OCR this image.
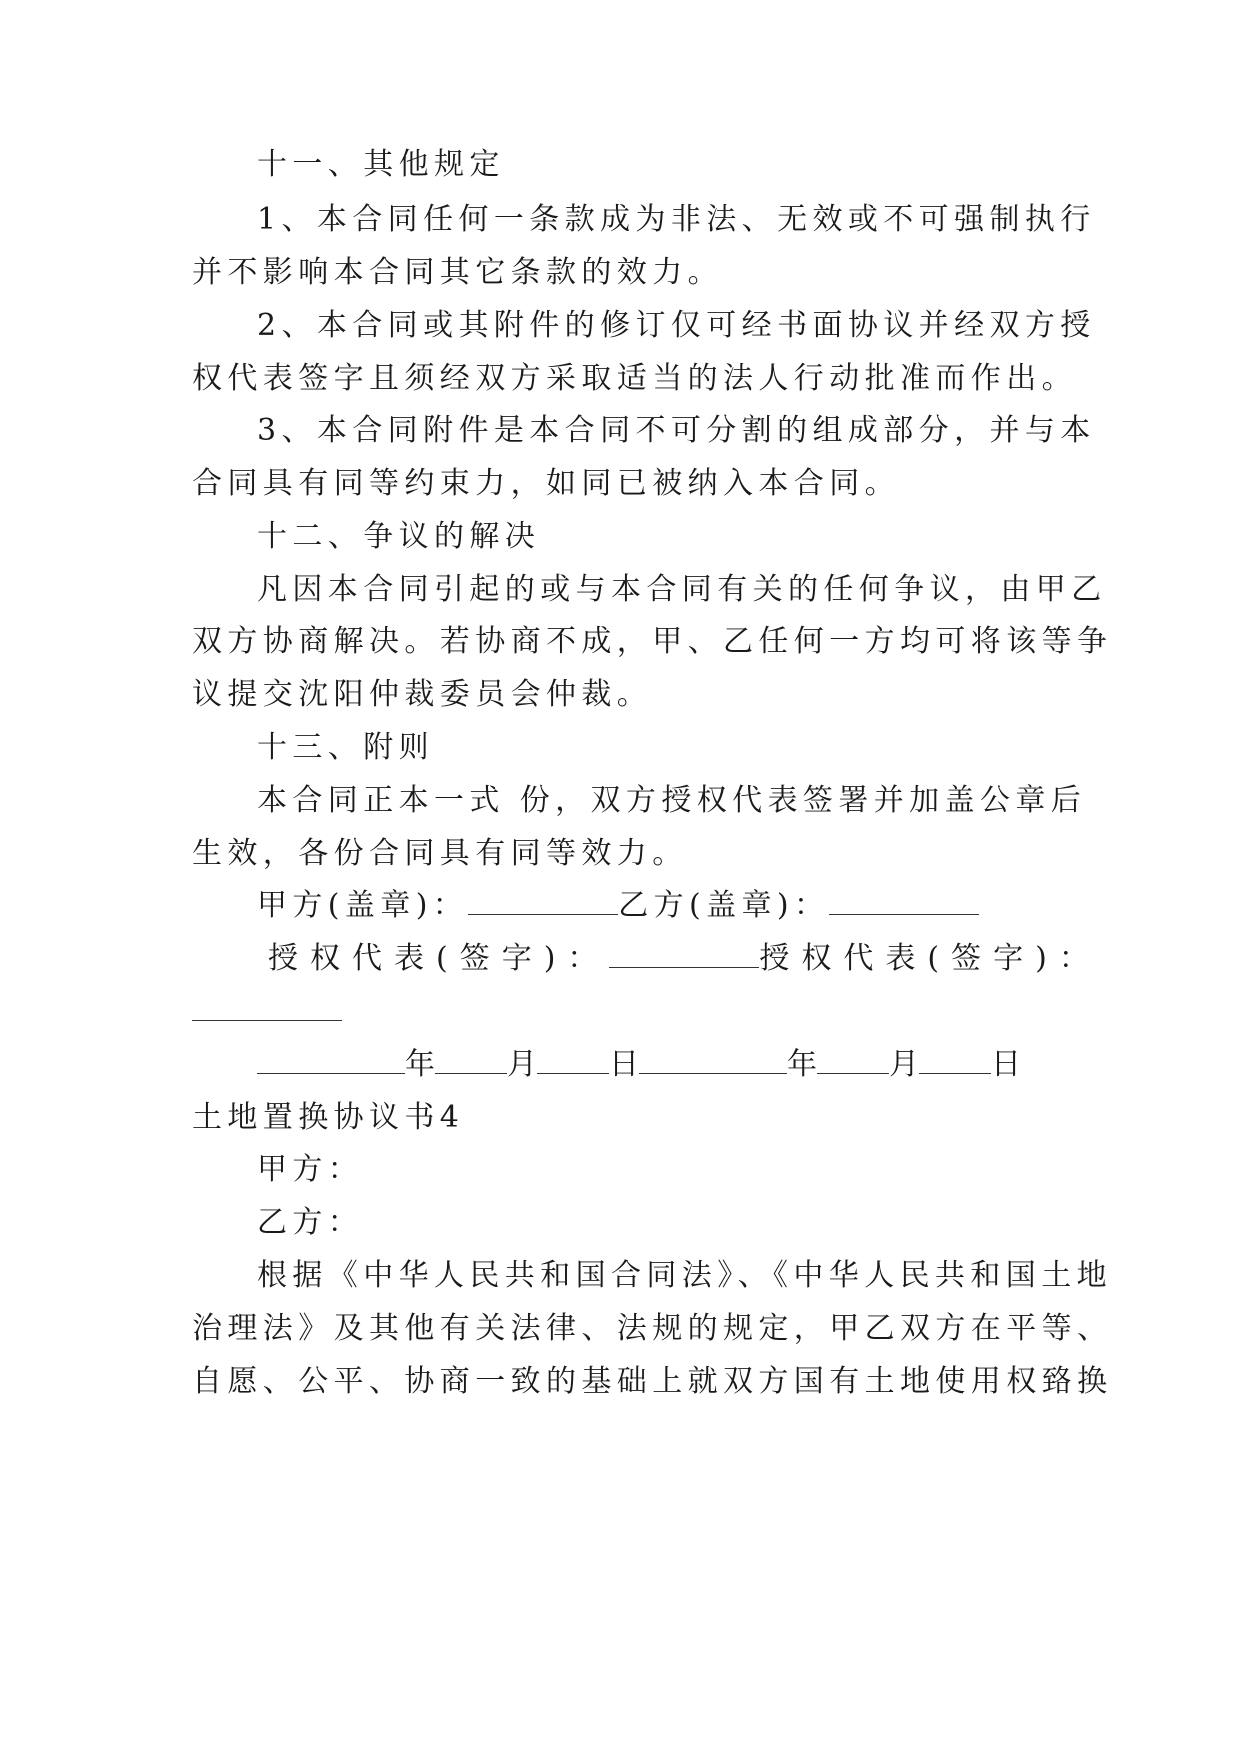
十一、其他规定
1、本合同任何一条款成为非法、无效或不可强制执行
并不影响本合同其它条款的效力。
2、本合同或其附件的修订仅可经书面协议并经双方授
权代表签字且须经双方采取适当的法人行动批准而作出。
3、本合同附件是本合同不可分割的组成部分，并与本
合同具有同等约束力，如同已被纳入本合同。
十二、争议的解决
凡因本合同引起的或与本合同有关的任何争议，由甲乙
双方协商解决。若协商不成，甲、乙任何一方均可将该等争
议提交沈阳仲裁委员会仲裁。
十三、附则
本合同正本一式 份，双方授权代表签署并加盖公章后
生效，各份合同具有同等效力。
甲方(盖章)：	乙方(盖章)：
授权代表(签字)：	授权代表(签字)：
年 月 日	年 月 日
土地置换协议书4
甲方：
乙方：
根据《中华人民共和国合同法》、《中华人民共和国土地
治理法》及其他有关法律、法规的规定，甲乙双方在平等、
自愿、公平、协商一致的基础上就双方国有土地使用权臵换
